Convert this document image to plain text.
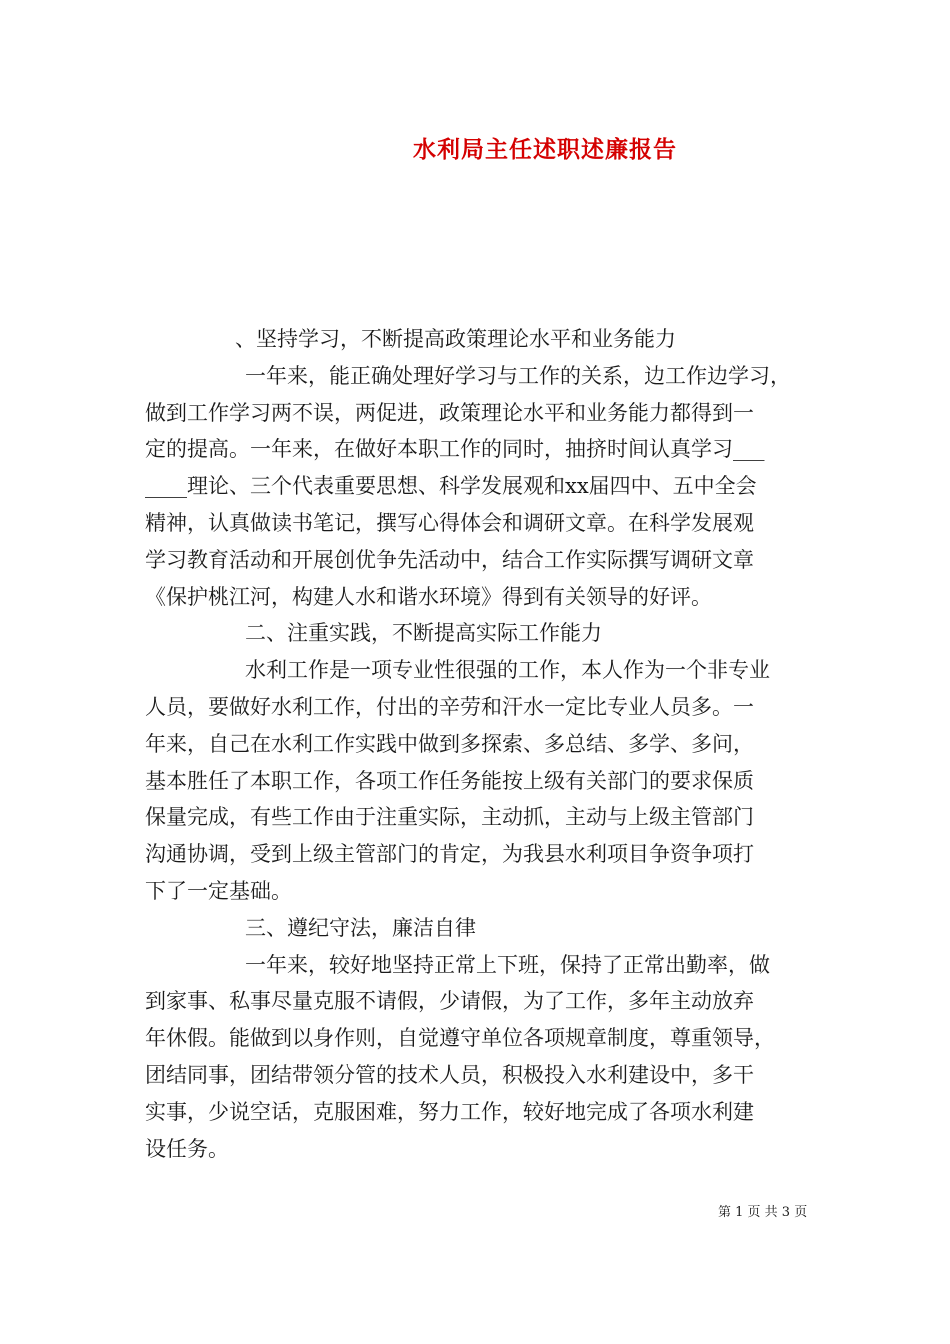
水利局主任述职述廉报告
、坚持学习，不断提高政策理论水平和业务能力
一年来，能正确处理好学习与工作的关系，边工作边学习，
做到工作学习两不误，两促进，政策理论水平和业务能力都得到一
定的提高。一年来，在做好本职工作的同时，抽挤时间认真学习___
____理论、三个代表重要思想、科学发展观和xx届四中、五中全会
精神，认真做读书笔记，撰写心得体会和调研文章。在科学发展观
学习教育活动和开展创优争先活动中，结合工作实际撰写调研文章
《保护桃江河，构建人水和谐水环境》得到有关领导的好评。
二、注重实践，不断提高实际工作能力
水利工作是一项专业性很强的工作，本人作为一个非专业
人员，要做好水利工作，付出的辛劳和汗水一定比专业人员多。一
年来，自己在水利工作实践中做到多探索、多总结、多学、多问，
基本胜任了本职工作，各项工作任务能按上级有关部门的要求保质
保量完成，有些工作由于注重实际，主动抓，主动与上级主管部门
沟通协调，受到上级主管部门的肯定，为我县水利项目争资争项打
下了一定基础。
三、遵纪守法，廉洁自律
一年来，较好地坚持正常上下班，保持了正常出勤率，做
到家事、私事尽量克服不请假，少请假，为了工作，多年主动放弃
年休假。能做到以身作则，自觉遵守单位各项规章制度，尊重领导，
团结同事，团结带领分管的技术人员，积极投入水利建设中，多干
实事，少说空话，克服困难，努力工作，较好地完成了各项水利建
设任务。
第 1 页 共 3 页
